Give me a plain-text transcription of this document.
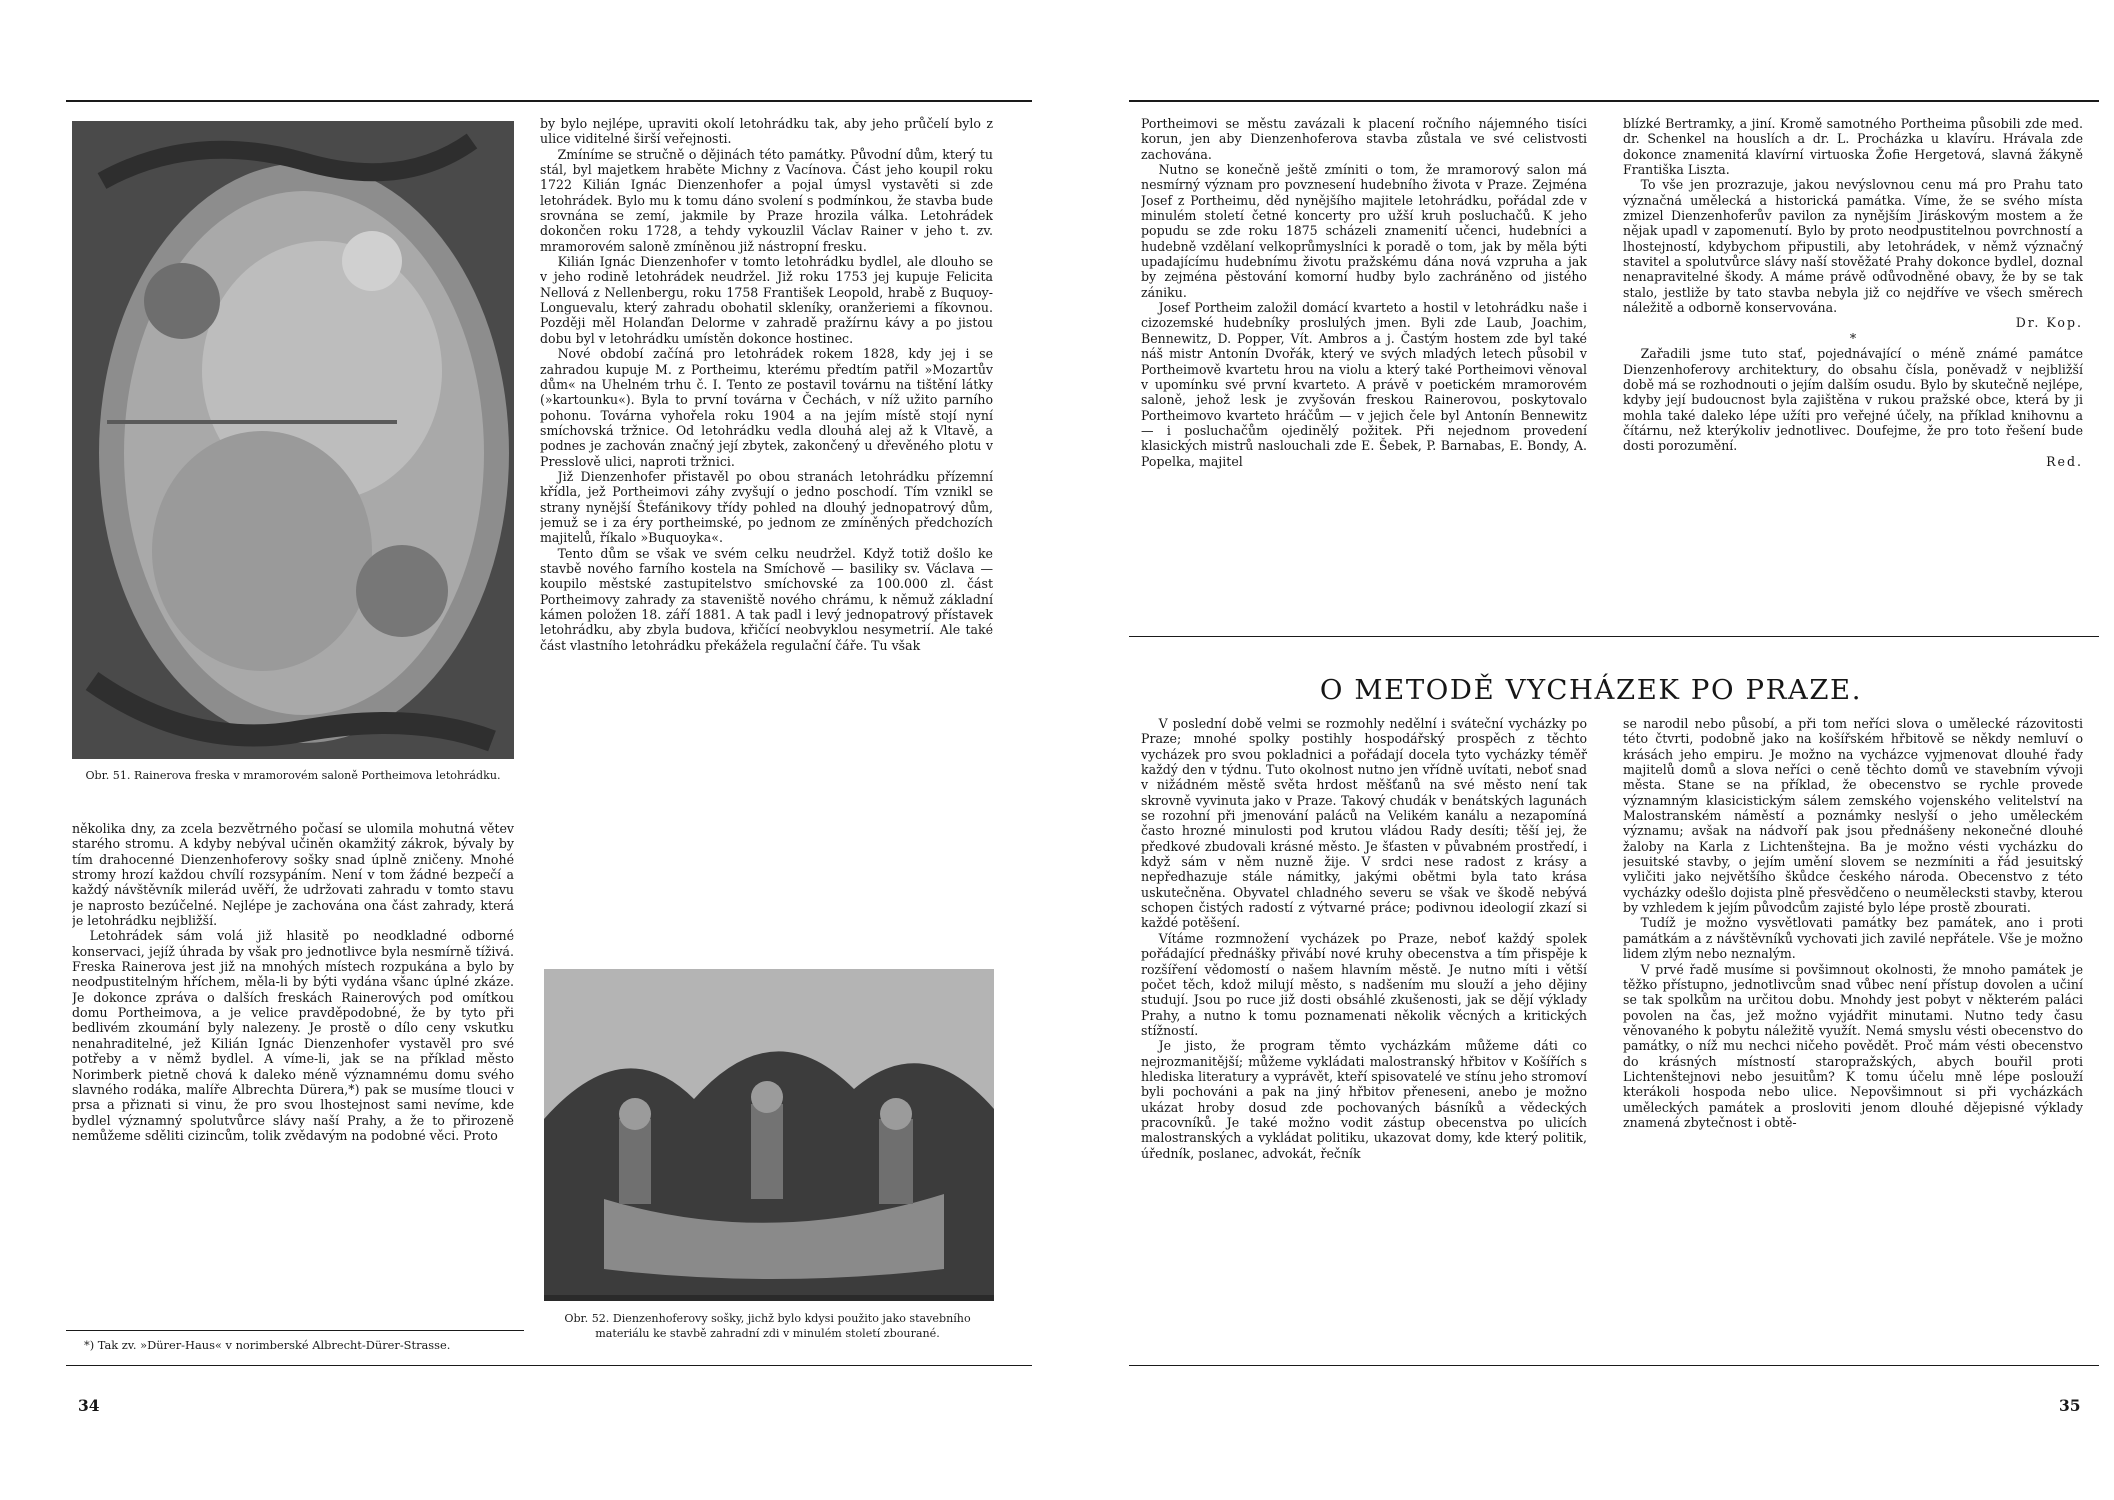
Obr. 51. Rainerova freska v mramorovém saloně Portheimova letohrádku.

několika dny, za zcela bezvětrného počasí se ulomila mohutná větev starého stromu. A kdyby nebýval učiněn okamžitý zákrok, bývaly by tím drahocenné Dienzenhoferovy sošky snad úplně zničeny. Mnohé stromy hrozí každou chvílí rozsypáním. Není v tom žádné bezpečí a každý návštěvník milerád uvěří, že udržovati zahradu v tomto stavu je naprosto bezúčelné. Nejlépe je zachována ona část zahrady, která je letohrádku nejbližší.

Letohrádek sám volá již hlasitě po neodkladné odborné konservaci, jejíž úhrada by však pro jednotlivce byla nesmírně tíživá. Freska Rainerova jest již na mnohých místech rozpukána a bylo by neodpustitelným hříchem, měla-li by býti vydána všanc úplné zkáze. Je dokonce zpráva o dalších freskách Rainerových pod omítkou domu Portheimova, a je velice pravděpodobné, že by tyto při bedlivém zkoumání byly nalezeny. Je prostě o dílo ceny vskutku nenahraditelné, jež Kilián Ignác Dienzenhofer vystavěl pro své potřeby a v němž bydlel. A víme-li, jak se na příklad město Norimberk pietně chová k daleko méně významnému domu svého slavného rodáka, malíře Albrechta Dürera,*) pak se musíme tlouci v prsa a přiznati si vinu, že pro svou lhostejnost sami nevíme, kde bydlel významný spolutvůrce slávy naší Prahy, a že to přirozeně nemůžeme sděliti cizincům, tolik zvědavým na podobné věci. Proto

by bylo nejlépe, upraviti okolí letohrádku tak, aby jeho průčelí bylo z ulice viditelné širší veřejnosti.

Zmíníme se stručně o dějinách této památky. Původní dům, který tu stál, byl majetkem hraběte Michny z Vacínova. Část jeho koupil roku 1722 Kilián Ignác Dienzenhofer a pojal úmysl vystavěti si zde letohrádek. Bylo mu k tomu dáno svolení s podmínkou, že stavba bude srovnána se zemí, jakmile by Praze hrozila válka. Letohrádek dokončen roku 1728, a tehdy vykouzlil Václav Rainer v jeho t. zv. mramorovém saloně zmíněnou již nástropní fresku.

Kilián Ignác Dienzenhofer v tomto letohrádku bydlel, ale dlouho se v jeho rodině letohrádek neudržel. Již roku 1753 jej kupuje Felicita Nellová z Nellenbergu, roku 1758 František Leopold, hrabě z Buquoy-Longuevalu, který zahradu obohatil skleníky, oranžeriemi a fíkovnou. Později měl Holanďan Delorme v zahradě pražírnu kávy a po jistou dobu byl v letohrádku umístěn dokonce hostinec.

Nové období začíná pro letohrádek rokem 1828, kdy jej i se zahradou kupuje M. z Portheimu, kterému předtím patřil »Mozartův dům« na Uhelném trhu č. I. Tento ze postavil továrnu na tištění látky (»kartounku«). Byla to první továrna v Čechách, v níž užito parního pohonu. Továrna vyhořela roku 1904 a na jejím místě stojí nyní smíchovská tržnice. Od letohrádku vedla dlouhá alej až k Vltavě, a podnes je zachován značný její zbytek, zakončený u dřevěného plotu v Presslově ulici, naproti tržnici.

Již Dienzenhofer přistavěl po obou stranách letohrádku přízemní křídla, jež Portheimovi záhy zvyšují o jedno poschodí. Tím vznikl se strany nynější Štefánikovy třídy pohled na dlouhý jednopatrový dům, jemuž se i za éry portheimské, po jednom ze zmíněných předchozích majitelů, říkalo »Buquoyka«.

Tento dům se však ve svém celku neudržel. Když totiž došlo ke stavbě nového farního kostela na Smíchově — basiliky sv. Václava — koupilo městské zastupitelstvo smíchovské za 100.000 zl. část Portheimovy zahrady za staveniště nového chrámu, k němuž základní kámen položen 18. září 1881. A tak padl i levý jednopatrový přístavek letohrádku, aby zbyla budova, křičící neobvyklou nesymetrií. Ale také část vlastního letohrádku překážela regulační čáře. Tu však

Obr. 52. Dienzenhoferovy sošky, jichž bylo kdysi použito jako stavebního materiálu ke stavbě zahradní zdi v minulém století zbourané.
*) Tak zv. »Dürer-Haus« v norimberské Albrecht-Dürer-Strasse.
34

Portheimovi se městu zavázali k placení ročního nájemného tisíci korun, jen aby Dienzenhoferova stavba zůstala ve své celistvosti zachována.

Nutno se konečně ještě zmíniti o tom, že mramorový salon má nesmírný význam pro povznesení hudebního života v Praze. Zejména Josef z Portheimu, děd nynějšího majitele letohrádku, pořádal zde v minulém století četné koncerty pro užší kruh posluchačů. K jeho popudu se zde roku 1875 scházeli znamenití učenci, hudebníci a hudebně vzdělaní velkoprůmyslníci k poradě o tom, jak by měla býti upadajícímu hudebnímu životu pražskému dána nová vzpruha a jak by zejména pěstování komorní hudby bylo zachráněno od jistého zániku.

Josef Portheim založil domácí kvarteto a hostil v letohrádku naše i cizozemské hudebníky proslulých jmen. Byli zde Laub, Joachim, Bennewitz, D. Popper, Vít. Ambros a j. Častým hostem zde byl také náš mistr Antonín Dvořák, který ve svých mladých letech působil v Portheimově kvartetu hrou na violu a který také Portheimovi věnoval v upomínku své první kvarteto. A právě v poetickém mramorovém saloně, jehož lesk je zvyšován freskou Rainerovou, poskytovalo Portheimovo kvarteto hráčům — v jejich čele byl Antonín Bennewitz — i posluchačům ojedinělý požitek. Při nejednom provedení klasických mistrů naslouchali zde E. Šebek, P. Barnabas, E. Bondy, A. Popelka, majitel

blízké Bertramky, a jiní. Kromě samotného Portheima působili zde med. dr. Schenkel na houslích a dr. L. Procházka u klavíru. Hrávala zde dokonce znamenitá klavírní virtuoska Žofie Hergetová, slavná žákyně Františka Liszta.

To vše jen prozrazuje, jakou nevýslovnou cenu má pro Prahu tato význačná umělecká a historická památka. Víme, že se svého místa zmizel Dienzenhoferův pavilon za nynějším Jiráskovým mostem a že nějak upadl v zapomenutí. Bylo by proto neodpustitelnou povrchností a lhostejností, kdybychom připustili, aby letohrádek, v němž význačný stavitel a spolutvůrce slávy naší stověžaté Prahy dokonce bydlel, doznal nenapravitelné škody. A máme právě odůvodněné obavy, že by se tak stalo, jestliže by tato stavba nebyla již co nejdříve ve všech směrech náležitě a odborně konservována.

Dr. Kop.

*

Zařadili jsme tuto stať, pojednávající o méně známé památce Dienzenhoferovy architektury, do obsahu čísla, poněvadž v nejbližší době má se rozhodnouti o jejím dalším osudu. Bylo by skutečně nejlépe, kdyby její budoucnost byla zajištěna v rukou pražské obce, která by ji mohla také daleko lépe užíti pro veřejné účely, na příklad knihovnu a čítárnu, než kterýkoliv jednotlivec. Doufejme, že pro toto řešení bude dosti porozumění.

Red.

O METODĚ VYCHÁZEK PO PRAZE.

V poslední době velmi se rozmohly nedělní i sváteční vycházky po Praze; mnohé spolky postihly hospodářský prospěch z těchto vycházek pro svou pokladnici a pořádají docela tyto vycházky téměř každý den v týdnu. Tuto okolnost nutno jen vřídně uvítati, neboť snad v nižádném městě světa hrdost měšťanů na své město není tak skrovně vyvinuta jako v Praze. Takový chudák v benátských lagunách se rozohní při jmenování paláců na Velikém kanálu a nezapomíná často hrozné minulosti pod krutou vládou Rady desíti; těší jej, že předkové zbudovali krásné město. Je šťasten v půvabném prostředí, i když sám v něm nuzně žije. V srdci nese radost z krásy a nepředhazuje stále námitky, jakými obětmi byla tato krása uskutečněna. Obyvatel chladného severu se však ve škodě nebývá schopen čistých radostí z výtvarné práce; podivnou ideologií zkazí si každé potěšení.

Vítáme rozmnožení vycházek po Praze, neboť každý spolek pořádající přednášky přivábí nové kruhy obecenstva a tím přispěje k rozšíření vědomostí o našem hlavním městě. Je nutno míti i větší počet těch, kdož milují město, s nadšením mu slouží a jeho dějiny studují. Jsou po ruce již dosti obsáhlé zkušenosti, jak se dějí výklady Prahy, a nutno k tomu poznamenati několik věcných a kritických stížností.

Je jisto, že program těmto vycházkám můžeme dáti co nejrozmanitější; můžeme vykládati malostranský hřbitov v Košířích s hlediska literatury a vyprávět, kteří spisovatelé ve stínu jeho stromoví byli pochováni a pak na jiný hřbitov přeneseni, anebo je možno ukázat hroby dosud zde pochovaných básníků a vědeckých pracovníků. Je také možno vodit zástup obecenstva po ulicích malostranských a vykládat politiku, ukazovat domy, kde který politik, úředník, poslanec, advokát, řečník

se narodil nebo působí, a při tom neříci slova o umělecké rázovitosti této čtvrti, podobně jako na košířském hřbitově se někdy nemluví o krásách jeho empiru. Je možno na vycházce vyjmenovat dlouhé řady majitelů domů a slova neříci o ceně těchto domů ve stavebním vývoji města. Stane se na příklad, že obecenstvo se rychle provede významným klasicistickým sálem zemského vojenského velitelství na Malostranském náměstí a poznámky neslyší o jeho uměleckém významu; avšak na nádvoří pak jsou přednášeny nekonečné dlouhé žaloby na Karla z Lichtenštejna. Ba je možno vésti vycházku do jesuitské stavby, o jejím umění slovem se nezmíniti a řád jesuitský vyličiti jako největšího škůdce českého národa. Obecenstvo z této vycházky odešlo dojista plně přesvědčeno o neumělecksti stavby, kterou by vzhledem k jejím původcům zajisté bylo lépe prostě zbourati.

Tudíž je možno vysvětlovati památky bez památek, ano i proti památkám a z návštěvníků vychovati jich zavilé nepřátele. Vše je možno lidem zlým nebo neznalým.

V prvé řadě musíme si povšimnout okolnosti, že mnoho památek je těžko přístupno, jednotlivcům snad vůbec není přístup dovolen a učiní se tak spolkům na určitou dobu. Mnohdy jest pobyt v některém paláci povolen na čas, jež možno vyjádřit minutami. Nutno tedy času věnovaného k pobytu náležitě využít. Nemá smyslu vésti obecenstvo do památky, o níž mu nechci ničeho povědět. Proč mám vésti obecenstvo do krásných místností staropražských, abych bouřil proti Lichtenštejnovi nebo jesuitům? K tomu účelu mně lépe poslouží kterákoli hospoda nebo ulice. Nepovšimnout si při vycházkách uměleckých památek a prosloviti jenom dlouhé dějepisné výklady znamená zbytečnost i obtě-

35
